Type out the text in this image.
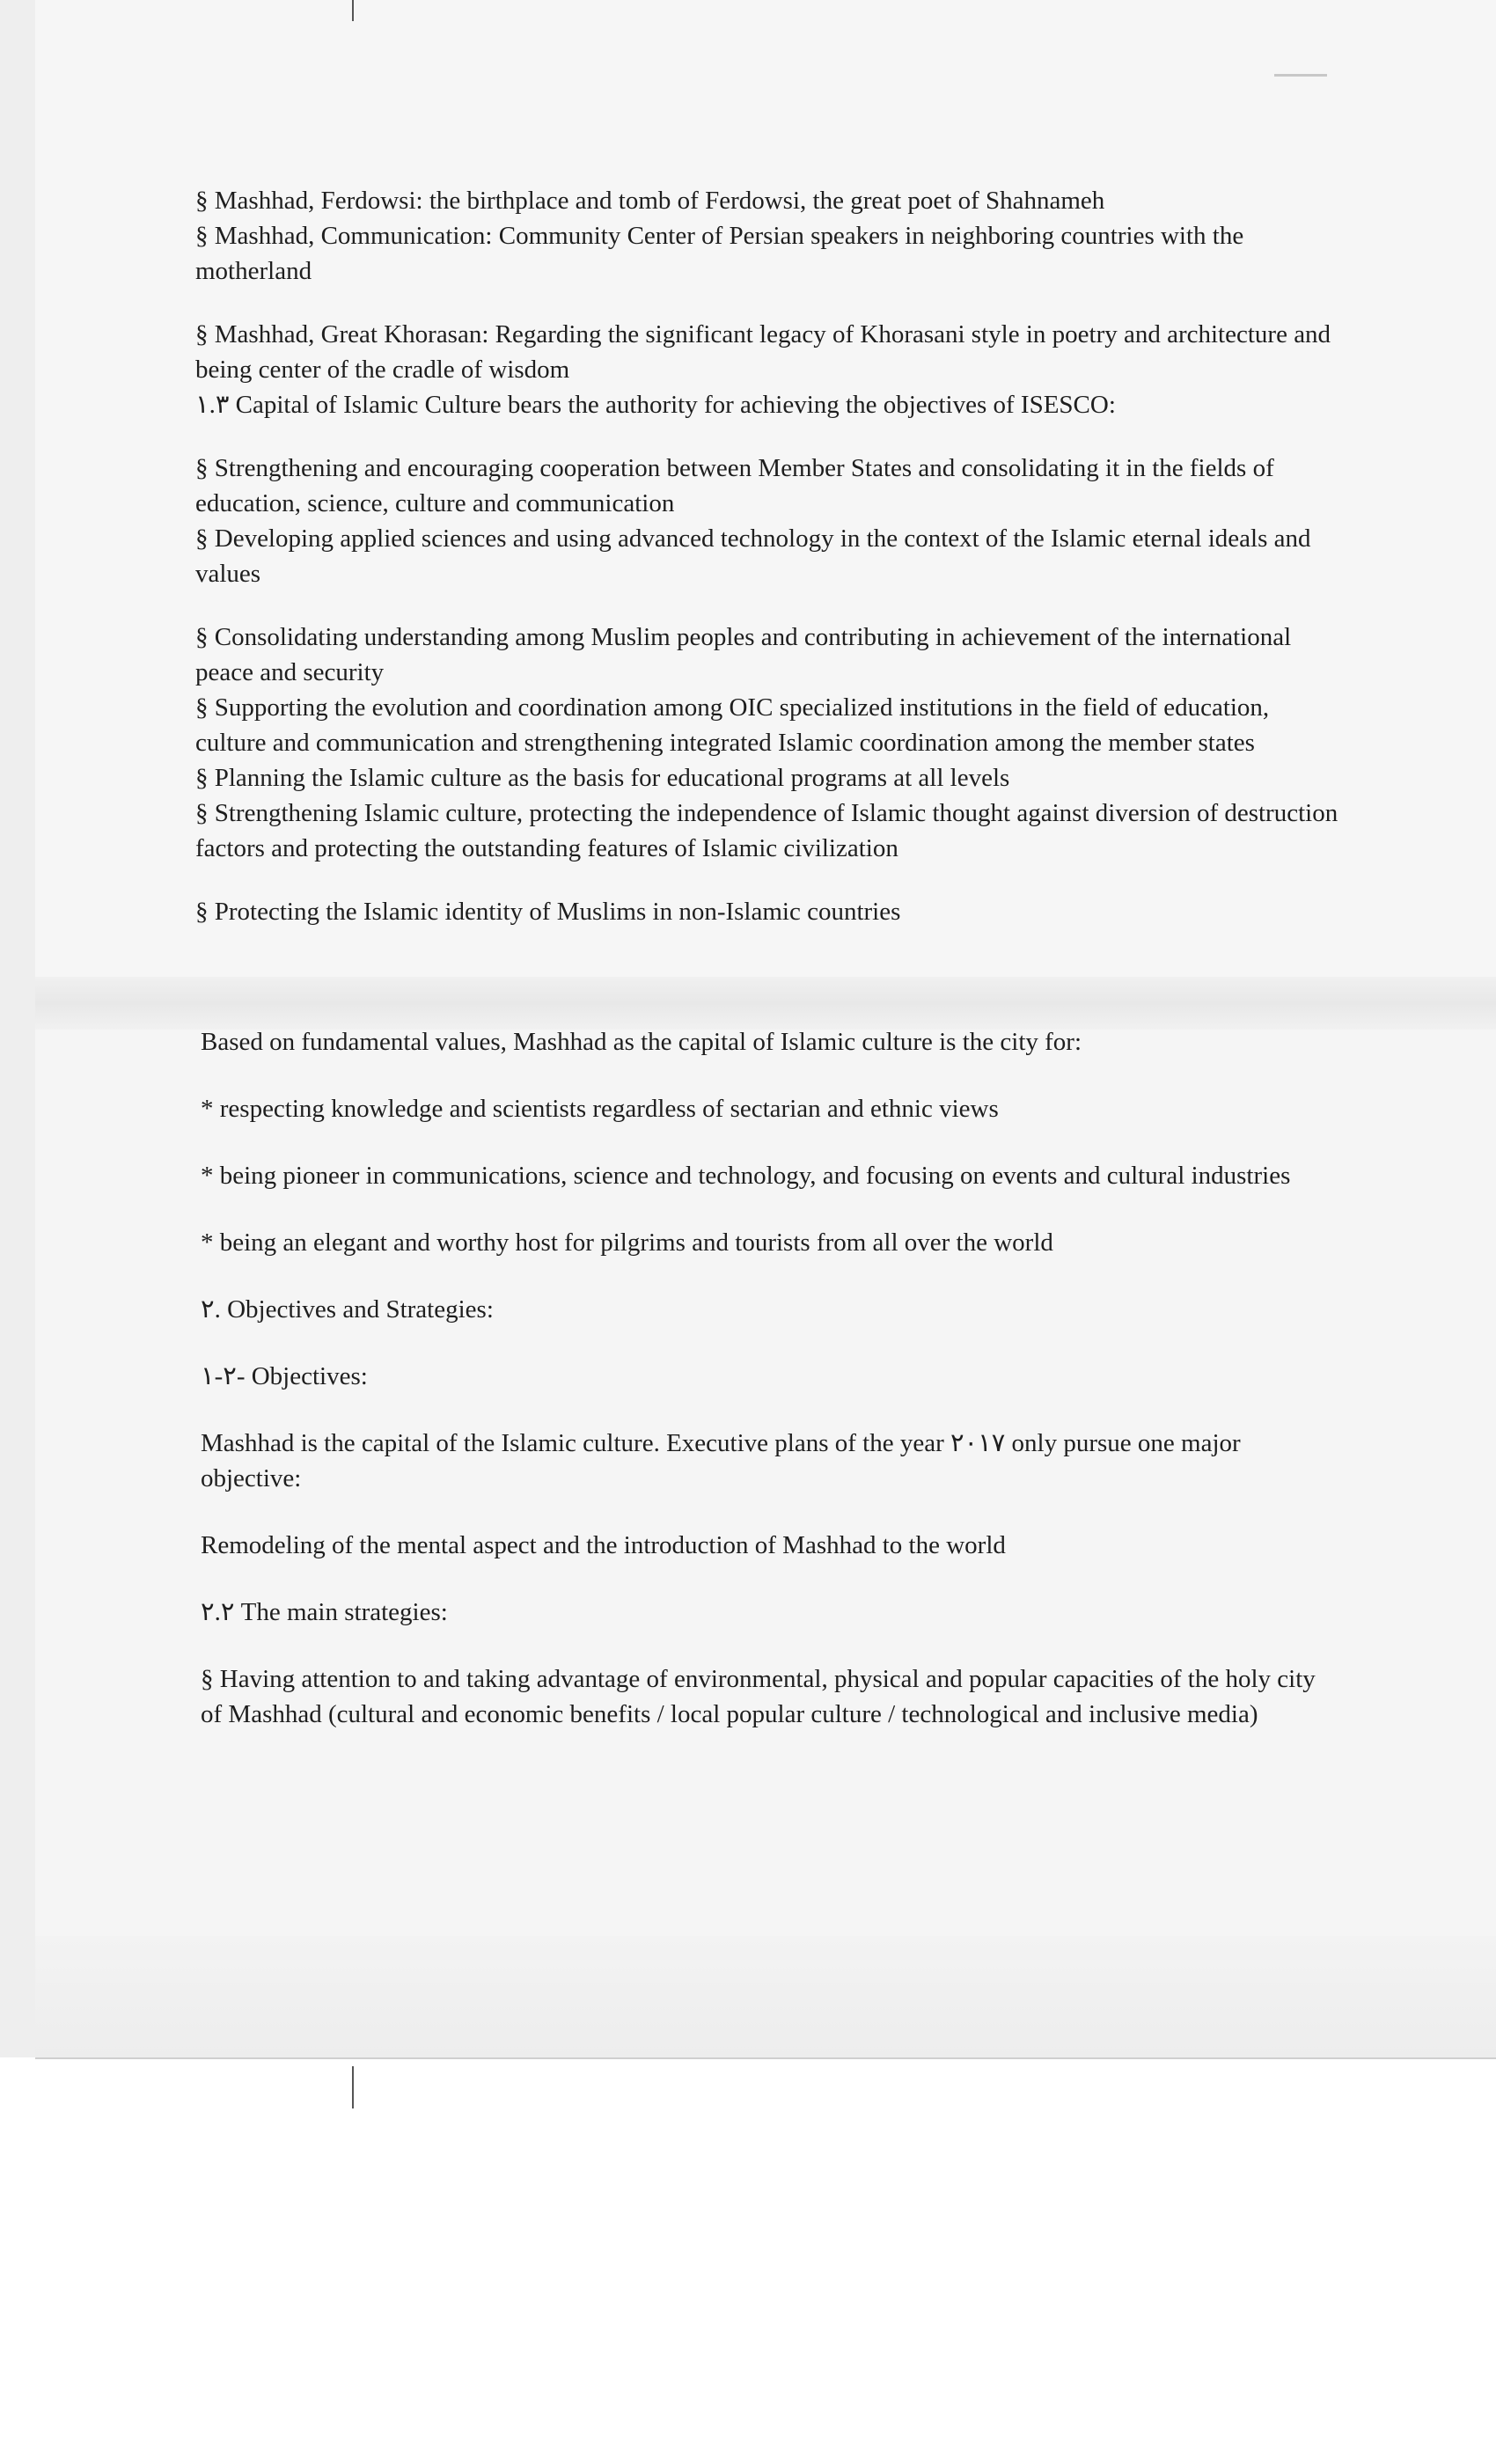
§ Mashhad, Ferdowsi: the birthplace and tomb of Ferdowsi, the great poet of Shahnameh

§ Mashhad, Communication: Community Center of Persian speakers in neighboring countries with the motherland

§ Mashhad, Great Khorasan: Regarding the significant legacy of Khorasani style in poetry and architecture and being center of the cradle of wisdom

١.٣ Capital of Islamic Culture bears the authority for achieving the objectives of ISESCO:

§ Strengthening and encouraging cooperation between Member States and consolidating it in the fields of education, science, culture and communication

§ Developing applied sciences and using advanced technology in the context of the Islamic eternal ideals and values

§ Consolidating understanding among Muslim peoples and contributing in achievement of the international peace and security

§ Supporting the evolution and coordination among OIC specialized institutions in the field of education, culture and communication and strengthening integrated Islamic coordination among the member states

§ Planning the Islamic culture as the basis for educational programs at all levels

§ Strengthening Islamic culture, protecting the independence of Islamic thought against diversion of destruction factors and protecting the outstanding features of Islamic civilization

§ Protecting the Islamic identity of Muslims in non-Islamic countries

Based on fundamental values, Mashhad as the capital of Islamic culture is the city for:

* respecting knowledge and scientists regardless of sectarian and ethnic views

* being pioneer in communications, science and technology, and focusing on events and cultural industries

* being an elegant and worthy host for pilgrims and tourists from all over the world

٢. Objectives and Strategies:

٢-١- Objectives:

Mashhad is the capital of the Islamic culture. Executive plans of the year ٢٠١٧ only pursue one major objective:

Remodeling of the mental aspect and the introduction of Mashhad to the world

٢.٢ The main strategies:

§ Having attention to and taking advantage of environmental, physical and popular capacities of the holy city of Mashhad (cultural and economic benefits / local popular culture / technological and inclusive media)
